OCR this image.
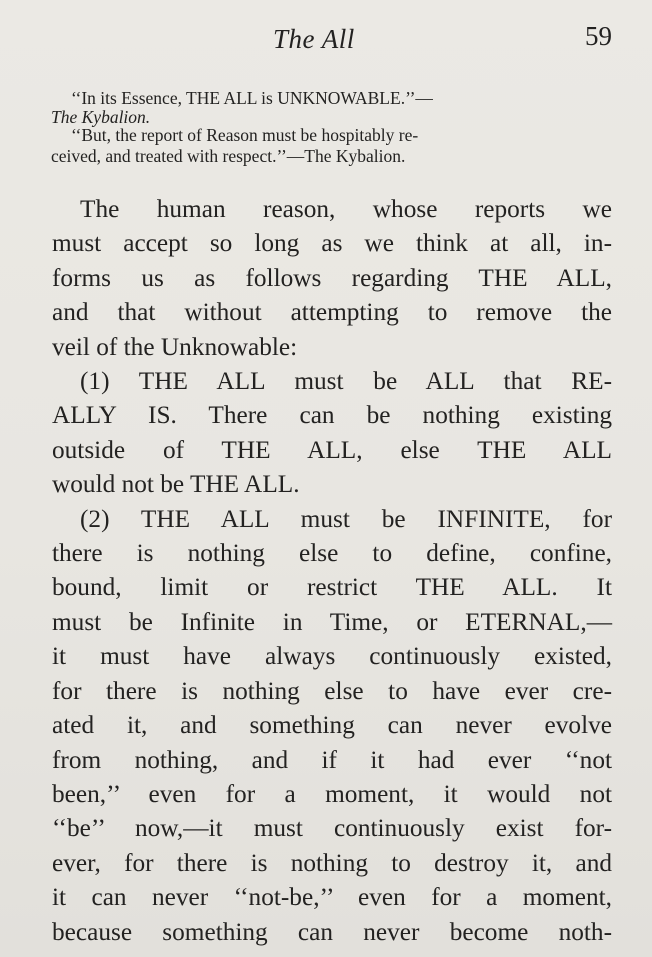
The All	59
‘‘In its Essence, THE ALL is UNKNOWABLE.’’—
The Kybalion.
‘‘But, the report of Reason must be hospitably re-
ceived, and treated with respect.’’—The Kybalion.
The human reason, whose reports we
must accept so long as we think at all, in-
forms us as follows regarding THE ALL,
and that without attempting to remove the
veil of the Unknowable:
(1) THE ALL must be ALL that RE-
ALLY IS. There can be nothing existing
outside of THE ALL, else THE ALL
would not be THE ALL.
(2) THE ALL must be INFINITE, for
there is nothing else to define, confine,
bound, limit or restrict THE ALL. It
must be Infinite in Time, or ETERNAL,—
it must have always continuously existed,
for there is nothing else to have ever cre-
ated it, and something can never evolve
from nothing, and if it had ever ‘‘not
been,’’ even for a moment, it would not
‘‘be’’ now,—it must continuously exist for-
ever, for there is nothing to destroy it, and
it can never ‘‘not-be,’’ even for a moment,
because something can never become noth-
